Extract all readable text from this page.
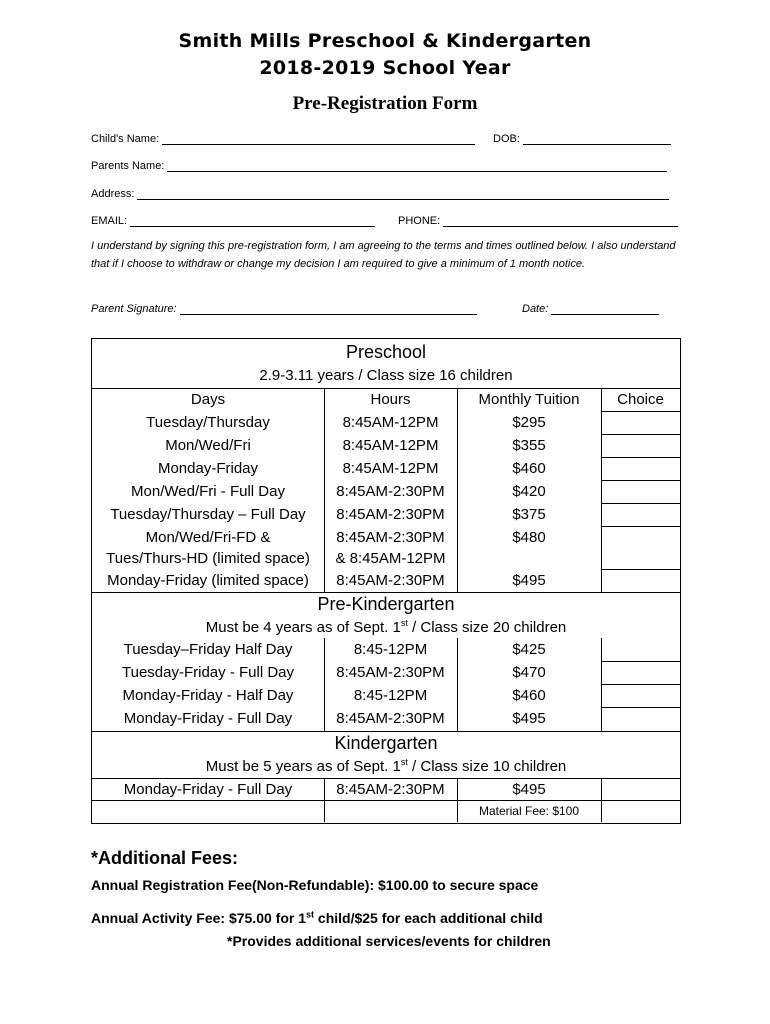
Smith Mills Preschool & Kindergarten
2018-2019 School Year
Pre-Registration Form
Child's Name:	DOB:
Parents Name:
Address:
EMAIL:	PHONE:
I understand by signing this pre-registration form, I am agreeing to the terms and times outlined below. I also understand that if I choose to withdraw or change my decision I am required to give a minimum of 1 month notice.
Parent Signature:	Date:
Preschool
2.9-3.11 years / Class size 16 children
Days	Hours	Monthly Tuition	Choice
Tuesday/Thursday	8:45AM-12PM	$295
Mon/Wed/Fri	8:45AM-12PM	$355
Monday-Friday	8:45AM-12PM	$460
Mon/Wed/Fri - Full Day	8:45AM-2:30PM	$420
Tuesday/Thursday – Full Day	8:45AM-2:30PM	$375
Mon/Wed/Fri-FD &	8:45AM-2:30PM	$480
Tues/Thurs-HD (limited space)	& 8:45AM-12PM
Monday-Friday (limited space)	8:45AM-2:30PM	$495
Pre-Kindergarten
Must be 4 years as of Sept. 1st / Class size 20 children
Tuesday–Friday Half Day	8:45-12PM	$425
Tuesday-Friday - Full Day	8:45AM-2:30PM	$470
Monday-Friday - Half Day	8:45-12PM	$460
Monday-Friday - Full Day	8:45AM-2:30PM	$495
Kindergarten
Must be 5 years as of Sept. 1st / Class size 10 children
Monday-Friday - Full Day	8:45AM-2:30PM	$495
Material Fee: $100
*Additional Fees:
Annual Registration Fee(Non-Refundable): $100.00 to secure space
Annual Activity Fee: $75.00 for 1st child/$25 for each additional child
*Provides additional services/events for children
